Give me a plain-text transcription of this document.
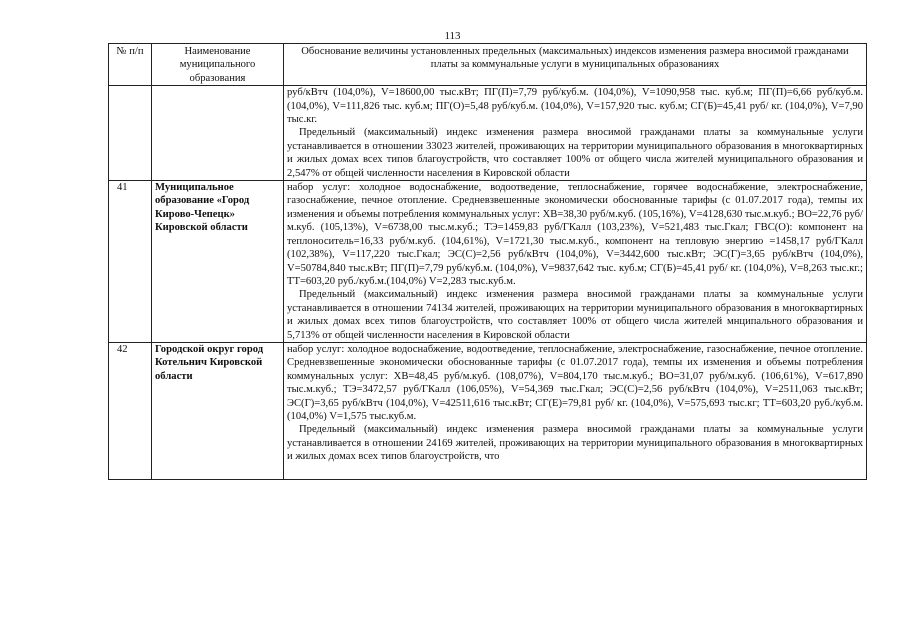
113
№ п/п	Наименование муниципального образования	Обоснование величины установленных предельных (максимальных) индексов изменения размера вносимой гражданами платы за коммунальные услуги в муниципальных образованиях

		руб/кВтч (104,0%), V=18600,00 тыс.кВт; ПГ(П)=7,79 руб/куб.м. (104,0%), V=1090,958 тыс. куб.м; ПГ(П)=6,66 руб/куб.м. (104,0%), V=111,826 тыс. куб.м; ПГ(О)=5,48 руб/куб.м. (104,0%), V=157,920 тыс. куб.м; СГ(Б)=45,41 руб/ кг. (104,0%), V=7,90 тыс.кг.

Предельный (максимальный) индекс изменения размера вносимой гражданами платы за коммунальные услуги устанавливается в отношении 33023 жителей, проживающих на территории муниципального образования в многоквартирных и жилых домах всех типов благоустройств, что составляет 100% от общего числа жителей муниципального образования и 2,547% от общей численности населения в Кировской области

41	Муниципальное образование «Город Кирово-Чепецк» Кировской области	набор услуг: холодное водоснабжение, водоотведение, теплоснабжение, горячее водоснабжение, электроснабжение, газоснабжение, печное отопление. Средневзвешенные экономически обоснованные тарифы (с 01.07.2017 года), темпы их изменения и объемы потребления коммунальных услуг: ХВ=38,30 руб/м.куб. (105,16%), V=4128,630 тыс.м.куб.; ВО=22,76 руб/м.куб. (105,13%), V=6738,00 тыс.м.куб.; ТЭ=1459,83 руб/ГКалл (103,23%), V=521,483 тыс.Гкал; ГВС(О): компонент на теплоноситель=16,33 руб/м.куб. (104,61%), V=1721,30 тыс.м.куб., компонент на тепловую энергию =1458,17 руб/ГКалл (102,38%), V=117,220 тыс.Гкал; ЭС(С)=2,56 руб/кВтч (104,0%), V=3442,600 тыс.кВт; ЭС(Г)=3,65 руб/кВтч (104,0%), V=50784,840 тыс.кВт; ПГ(П)=7,79 руб/куб.м. (104,0%), V=9837,642 тыс. куб.м; СГ(Б)=45,41 руб/ кг. (104,0%), V=8,263 тыс.кг.; ТТ=603,20 руб./куб.м.(104,0%) V=2,283 тыс.куб.м.

Предельный (максимальный) индекс изменения размера вносимой гражданами платы за коммунальные услуги устанавливается в отношении 74134 жителей, проживающих на территории муниципального образования в многоквартирных и жилых домах всех типов благоустройств, что составляет 100% от общего числа жителей мнципального образования и 5,713% от общей численности населения в Кировской области

42	Городской округ город Котельнич Кировской области	набор услуг: холодное водоснабжение, водоотведение, теплоснабжение, электроснабжение, газоснабжение, печное отопление. Средневзвешенные экономически обоснованные тарифы (с 01.07.2017 года), темпы их изменения и объемы потребления коммунальных услуг: ХВ=48,45 руб/м.куб. (108,07%), V=804,170 тыс.м.куб.; ВО=31,07 руб/м.куб. (106,61%), V=617,890 тыс.м.куб.; ТЭ=3472,57 руб/ГКалл (106,05%), V=54,369 тыс.Гкал; ЭС(С)=2,56 руб/кВтч (104,0%), V=2511,063 тыс.кВт; ЭС(Г)=3,65 руб/кВтч (104,0%), V=42511,616 тыс.кВт; СГ(Е)=79,81 руб/ кг. (104,0%), V=575,693 тыс.кг; ТТ=603,20 руб./куб.м.(104,0%) V=1,575 тыс.куб.м.

Предельный (максимальный) индекс изменения размера вносимой гражданами платы за коммунальные услуги устанавливается в отношении 24169 жителей, проживающих на территории муниципального образования в многоквартирных и жилых домах всех типов благоустройств, что
